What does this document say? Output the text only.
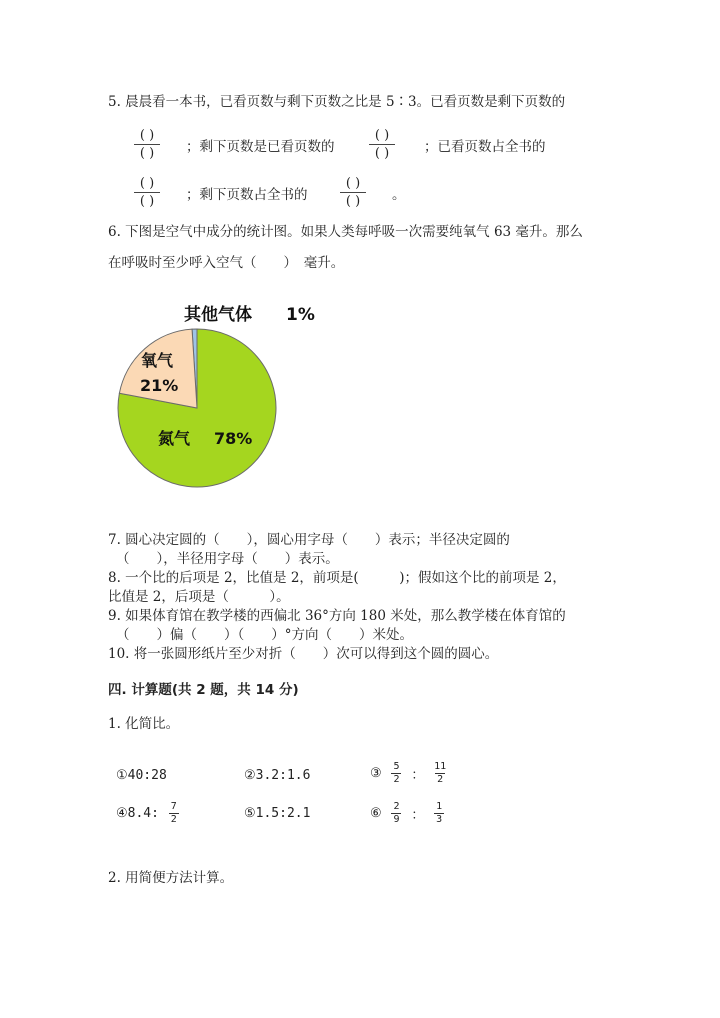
5. 晨晨看一本书，已看页数与剩下页数之比是 5∶3。已看页数是剩下页数的
( )
( ) ；剩下页数是已看页数的
( )
( )	；已看页数占全书的
( )
( ) ；剩下页数占全书的
( )
( ) 。
6. 下图是空气中成分的统计图。如果人类每呼吸一次需要纯氧气 63 毫升。那么
在呼吸时至少呼入空气（　　）　毫升。
其他气体 1%
氧气
21%
氮气 78%
7. 圆心决定圆的（　　），圆心用字母（　　）表示；半径决定圆的
（　　），半径用字母（　　）表示。
8. 一个比的后项是 2，比值是 2，前项是(　　　)；假如这个比的前项是 2，
比值是 2，后项是（　　　）。
9. 如果体育馆在教学楼的西偏北 36°方向 180 米处，那么教学楼在体育馆的
（　　）偏（　　）（　　）°方向（　　）米处。
10. 将一张圆形纸片至少对折（　　）次可以得到这个圆的圆心。
四. 计算题(共 2 题，共 14 分)
1. 化简比。
①40:28	②3.2:1.6	③ $\frac{5}{2}$ ： $\frac{11}{2}$
④8.4: $\frac{7}{2}$	⑤1.5:2.1	⑥ $\frac{2}{9}$ ： $\frac{1}{3}$
2. 用简便方法计算。
